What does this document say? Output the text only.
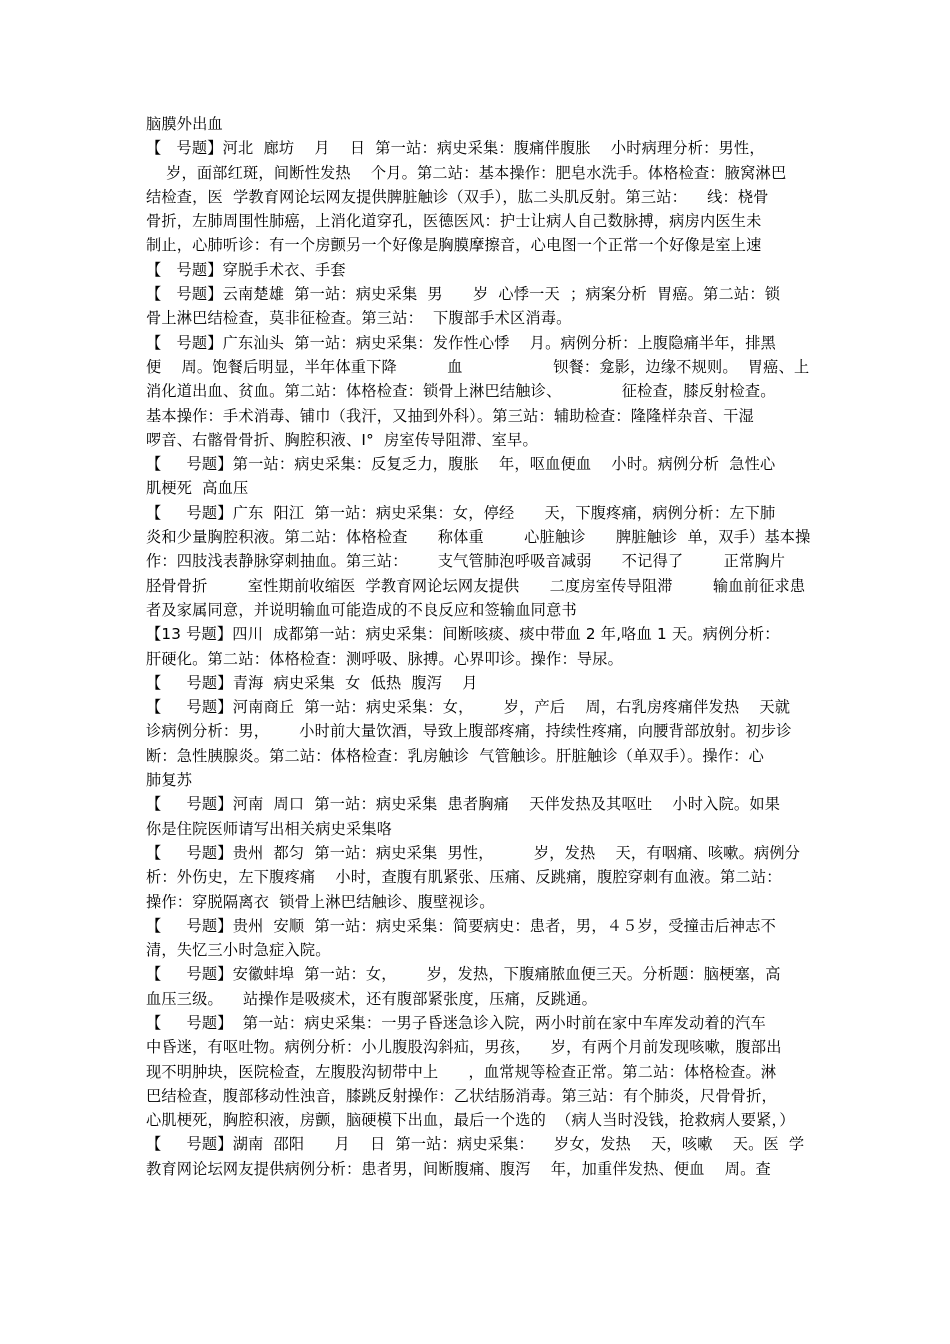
脑膜外出血
【   号题】河北  廊坊    月    日  第一站：病史采集：腹痛伴腹胀    小时病理分析：男性，
岁，面部红斑，间断性发热    个月。第二站：基本操作：肥皂水洗手。体格检查：腋窝淋巴
结检查，医  学教育网论坛网友提供脾脏触诊（双手），肱二头肌反射。第三站：    线：桡骨
骨折，左肺周围性肺癌，上消化道穿孔，医德医风：护士让病人自己数脉搏，病房内医生未
制止，心肺听诊：有一个房颤另一个好像是胸膜摩擦音，心电图一个正常一个好像是室上速
【   号题】穿脱手术衣、手套
【   号题】云南楚雄  第一站：病史采集  男      岁  心悸一天  ；病案分析  胃癌。第二站：锁
骨上淋巴结检查，莫非征检查。第三站：  下腹部手术区消毒。
【   号题】广东汕头  第一站：病史采集：发作性心悸    月。病例分析：上腹隐痛半年，排黑
便    周。饱餐后明显，半年体重下降          血                  钡餐：龛影，边缘不规则。  胃癌、上
消化道出血、贫血。第二站：体格检查：锁骨上淋巴结触诊、            征检查，膝反射检查。
基本操作：手术消毒、铺巾（我汗，又抽到外科）。第三站：辅助检查：隆隆样杂音、干湿
啰音、右髂骨骨折、胸腔积液、Ⅰ°  房室传导阻滞、室早。
【     号题】第一站：病史采集：反复乏力，腹胀    年，呕血便血    小时。病例分析  急性心
肌梗死  高血压
【     号题】广东  阳江  第一站：病史采集：女，停经      天，下腹疼痛，病例分析：左下肺
炎和少量胸腔积液。第二站：体格检查      称体重        心脏触诊      脾脏触诊  单，双手）基本操
作：四肢浅表静脉穿刺抽血。第三站：      支气管肺泡呼吸音减弱      不记得了        正常胸片
胫骨骨折        室性期前收缩医  学教育网论坛网友提供      二度房室传导阻滞        输血前征求患
者及家属同意，并说明输血可能造成的不良反应和签输血同意书
【13 号题】四川  成都第一站：病史采集：间断咳痰、痰中带血 2 年,咯血 1 天。病例分析：
肝硬化。第二站：体格检查：测呼吸、脉搏。心界叩诊。操作：导尿。
【     号题】青海  病史采集  女  低热  腹泻    月
【     号题】河南商丘  第一站：病史采集：女，      岁，产后    周，右乳房疼痛伴发热    天就
诊病例分析：男，      小时前大量饮酒，导致上腹部疼痛，持续性疼痛，向腰背部放射。初步诊
断：急性胰腺炎。第二站：体格检查：乳房触诊  气管触诊。肝脏触诊（单双手）。操作：心
肺复苏
【     号题】河南  周口  第一站：病史采集  患者胸痛    天伴发热及其呕吐    小时入院。如果
你是住院医师请写出相关病史采集咯
【     号题】贵州  都匀  第一站：病史采集  男性，        岁，发热    天，有咽痛、咳嗽。病例分
析：外伤史，左下腹疼痛    小时，查腹有肌紧张、压痛、反跳痛，腹腔穿刺有血液。第二站：
操作：穿脱隔离衣  锁骨上淋巴结触诊、腹壁视诊。
【     号题】贵州  安顺  第一站：病史采集：简要病史：患者，男，４５岁，受撞击后神志不
清，失忆三小时急症入院。
【     号题】安徽蚌埠  第一站：女，      岁，发热，下腹痛脓血便三天。分析题：脑梗塞，高
血压三级。    站操作是吸痰术，还有腹部紧张度，压痛，反跳通。
【     号题】  第一站：病史采集：一男子昏迷急诊入院，两小时前在家中车库发动着的汽车
中昏迷，有呕吐物。病例分析：小儿腹股沟斜疝，男孩，    岁，有两个月前发现咳嗽，腹部出
现不明肿块，医院检查，左腹股沟韧带中上      ，血常规等检查正常。第二站：体格检查。淋
巴结检查，腹部移动性浊音，膝跳反射操作：乙状结肠消毒。第三站：有个肺炎，尺骨骨折，
心肌梗死，胸腔积液，房颤，脑硬模下出血，最后一个选的  （病人当时没钱，抢救病人要紧，）
【     号题】湖南  邵阳      月    日  第一站：病史采集：    岁女，发热    天，咳嗽    天。医  学
教育网论坛网友提供病例分析：患者男，间断腹痛、腹泻    年，加重伴发热、便血    周。查
